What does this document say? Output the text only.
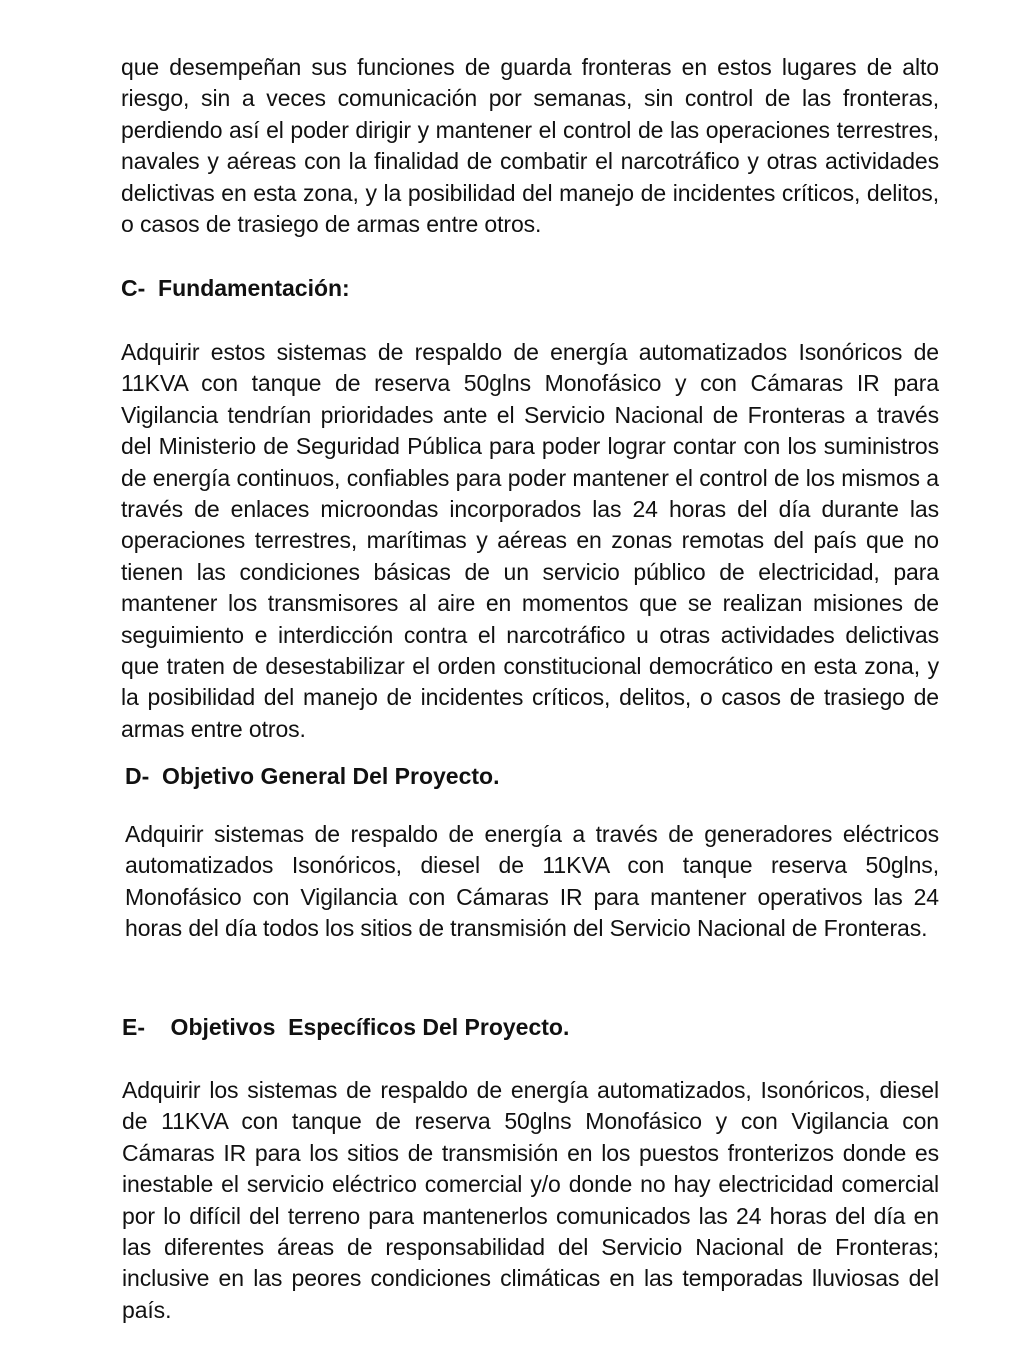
que desempeñan sus funciones de guarda fronteras en estos lugares de alto riesgo, sin a veces comunicación por semanas, sin control de las fronteras, perdiendo así el poder dirigir y mantener el control de las operaciones terrestres, navales y aéreas con la finalidad de combatir el narcotráfico y otras actividades delictivas en esta zona, y la posibilidad del manejo de incidentes críticos, delitos, o casos de trasiego de armas entre otros.

C-  Fundamentación:

Adquirir estos sistemas de respaldo de energía automatizados Isonóricos de 11KVA con tanque de reserva 50glns Monofásico y con Cámaras IR para Vigilancia tendrían prioridades ante el Servicio Nacional de Fronteras a través del Ministerio de Seguridad Pública para poder lograr contar con los suministros de energía continuos, confiables para poder mantener el control de los mismos a través de enlaces microondas incorporados las 24 horas del día durante las operaciones terrestres, marítimas y aéreas en zonas remotas del país que no tienen las condiciones básicas de un servicio público de electricidad, para mantener los transmisores al aire en momentos que se realizan misiones de seguimiento e interdicción contra el narcotráfico u otras actividades delictivas que traten de desestabilizar el orden constitucional democrático en esta zona, y la posibilidad del manejo de incidentes críticos, delitos, o casos de trasiego de armas entre otros.

D-  Objetivo General Del Proyecto.

Adquirir sistemas de respaldo de energía a través de generadores eléctricos automatizados Isonóricos, diesel de 11KVA con tanque reserva 50glns, Monofásico con Vigilancia con Cámaras IR para mantener operativos las 24 horas del día todos los sitios de transmisión del Servicio Nacional de Fronteras.

E-    Objetivos  Específicos Del Proyecto.

Adquirir los sistemas de respaldo de energía automatizados, Isonóricos, diesel de 11KVA con tanque de reserva 50glns Monofásico y con Vigilancia con Cámaras IR para los sitios de transmisión en los puestos fronterizos donde es inestable el servicio eléctrico comercial y/o donde no hay electricidad comercial por lo difícil del terreno para mantenerlos comunicados las 24 horas del día en las diferentes áreas de responsabilidad del Servicio Nacional de Fronteras; inclusive en las peores condiciones climáticas en las temporadas lluviosas del país.
